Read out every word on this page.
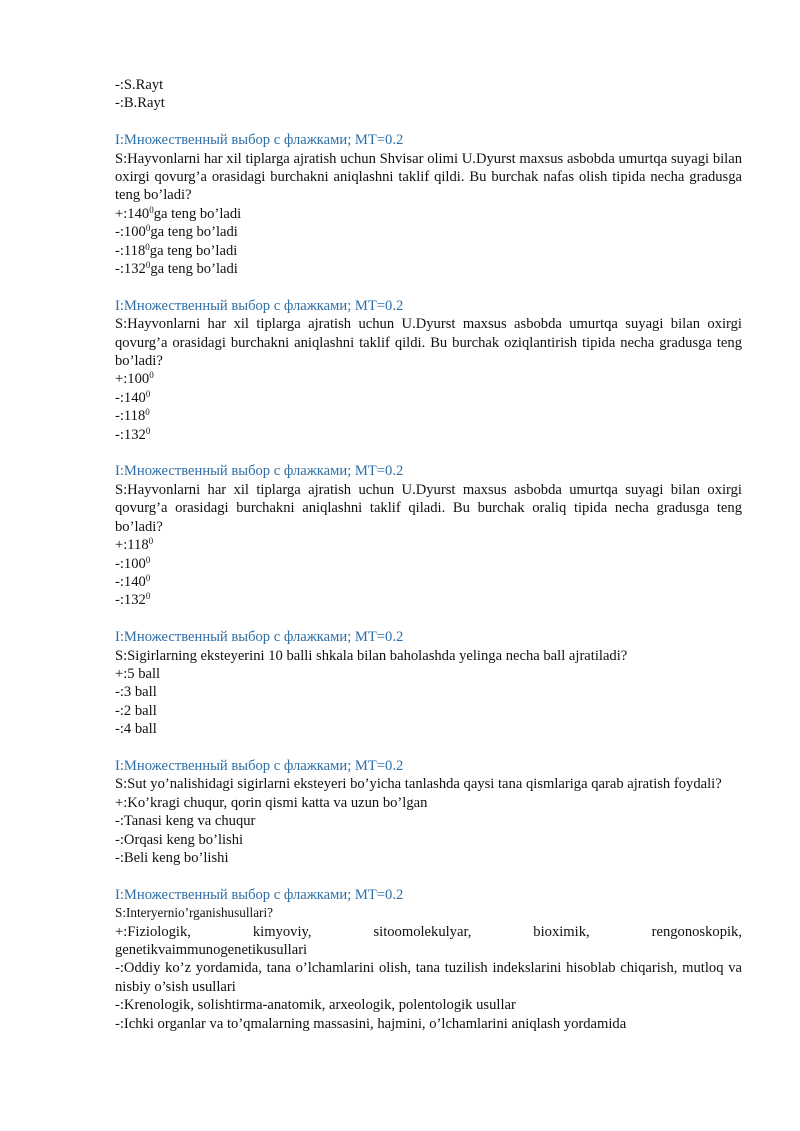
-:S.Rayt
-:B.Rayt
I:Множественный выбор с флажками; MT=0.2
S:Hayvonlarni har xil tiplarga ajratish uchun Shvisar olimi U.Dyurst maxsus asbobda umurtqa suyagi bilan oxirgi qovurg’a orasidagi burchakni aniqlashni taklif qildi. Bu burchak nafas olish tipida necha gradusga teng bo’ladi?
$+:140^0ga$ teng bo’ladi
$-:100^0ga$ teng bo’ladi
$-:118^0ga$ teng bo’ladi
$-:132^0ga$ teng bo’ladi
I:Множественный выбор с флажками; MT=0.2
S:Hayvonlarni har xil tiplarga ajratish uchun U.Dyurst maxsus asbobda umurtqa suyagi bilan oxirgi qovurg’a orasidagi burchakni aniqlashni taklif qildi. Bu burchak oziqlantirish tipida necha gradusga teng bo’ladi?
$+:100^0$
$-:140^0$
$-:118^0$
$-:132^0$
I:Множественный выбор с флажками; MT=0.2
S:Hayvonlarni har xil tiplarga ajratish uchun U.Dyurst maxsus asbobda umurtqa suyagi bilan oxirgi qovurg’a orasidagi burchakni aniqlashni taklif qiladi. Bu burchak oraliq tipida necha gradusga teng bo’ladi?
$+:118^0$
$-:100^0$
$-:140^0$
$-:132^0$
I:Множественный выбор с флажками; MT=0.2
S:Sigirlarning eksteyerini 10 balli shkala bilan baholashda yelinga necha ball ajratiladi?
+:5 ball
-:3 ball
-:2 ball
-:4 ball
I:Множественный выбор с флажками; MT=0.2
S:Sut yo’nalishidagi sigirlarni eksteyeri bo’yicha tanlashda qaysi tana qismlariga qarab ajratish foydali?
+:Ko’kragi chuqur, qorin qismi katta va uzun bo’lgan
-:Tanasi keng va chuqur
-:Orqasi keng bo’lishi
-:Beli keng bo’lishi
I:Множественный выбор с флажками; MT=0.2
S:Interyernio’rganishusullari?
+:Fiziologik,    kimyoviy,    sitoomolekulyar,    bioximik,    rengonoskopik,
genetikvaimmunogenetikusullari
-:Oddiy ko’z yordamida, tana o’lchamlarini olish, tana tuzilish indekslarini hisoblab chiqarish, mutloq va nisbiy o’sish usullari
-:Krenologik, solishtirma-anatomik, arxeologik, polentologik usullar
-:Ichki organlar va to’qmalarning massasini, hajmini, o’lchamlarini aniqlash yordamida
